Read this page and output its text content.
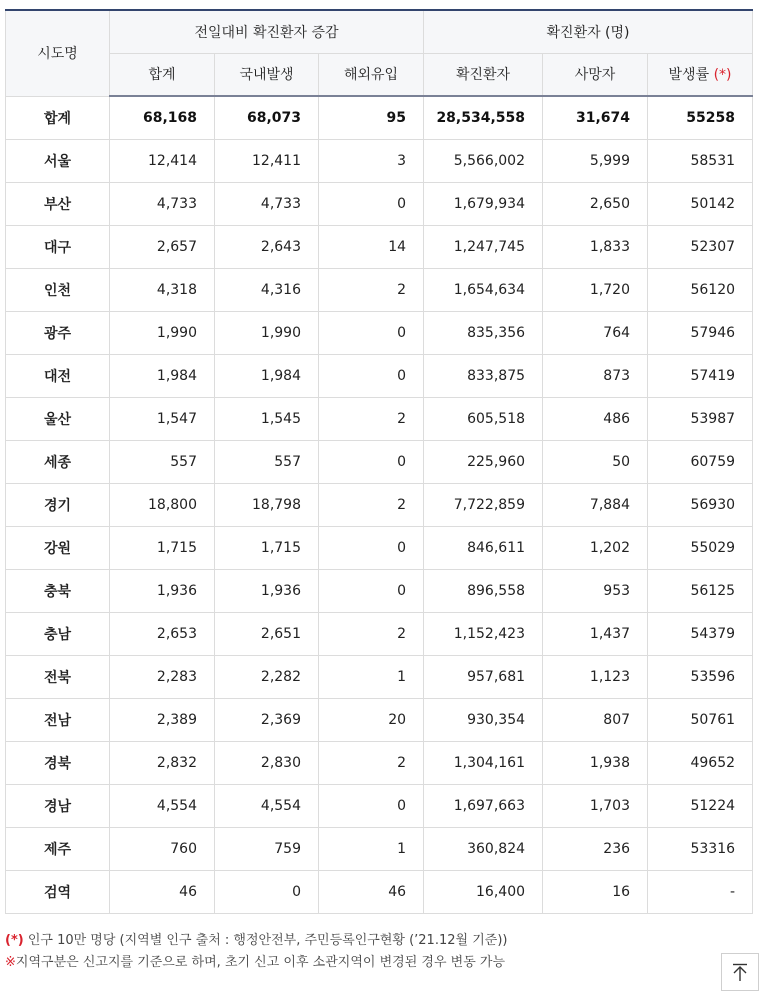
시도명	전일대비 확진환자 증감			확진환자 (명)		
	합계	국내발생	해외유입	확진환자	사망자	발생률 (*)
합계	68,168	68,073	95	28,534,558	31,674	55258
서울	12,414	12,411	3	5,566,002	5,999	58531
부산	4,733	4,733	0	1,679,934	2,650	50142
대구	2,657	2,643	14	1,247,745	1,833	52307
인천	4,318	4,316	2	1,654,634	1,720	56120
광주	1,990	1,990	0	835,356	764	57946
대전	1,984	1,984	0	833,875	873	57419
울산	1,547	1,545	2	605,518	486	53987
세종	557	557	0	225,960	50	60759
경기	18,800	18,798	2	7,722,859	7,884	56930
강원	1,715	1,715	0	846,611	1,202	55029
충북	1,936	1,936	0	896,558	953	56125
충남	2,653	2,651	2	1,152,423	1,437	54379
전북	2,283	2,282	1	957,681	1,123	53596
전남	2,389	2,369	20	930,354	807	50761
경북	2,832	2,830	2	1,304,161	1,938	49652
경남	4,554	4,554	0	1,697,663	1,703	51224
제주	760	759	1	360,824	236	53316
검역	46	0	46	16,400	16	-
(*) 인구 10만 명당 (지역별 인구 출처 : 행정안전부, 주민등록인구현황 (’21.12월 기준))
※지역구분은 신고지를 기준으로 하며, 초기 신고 이후 소관지역이 변경된 경우 변동 가능
